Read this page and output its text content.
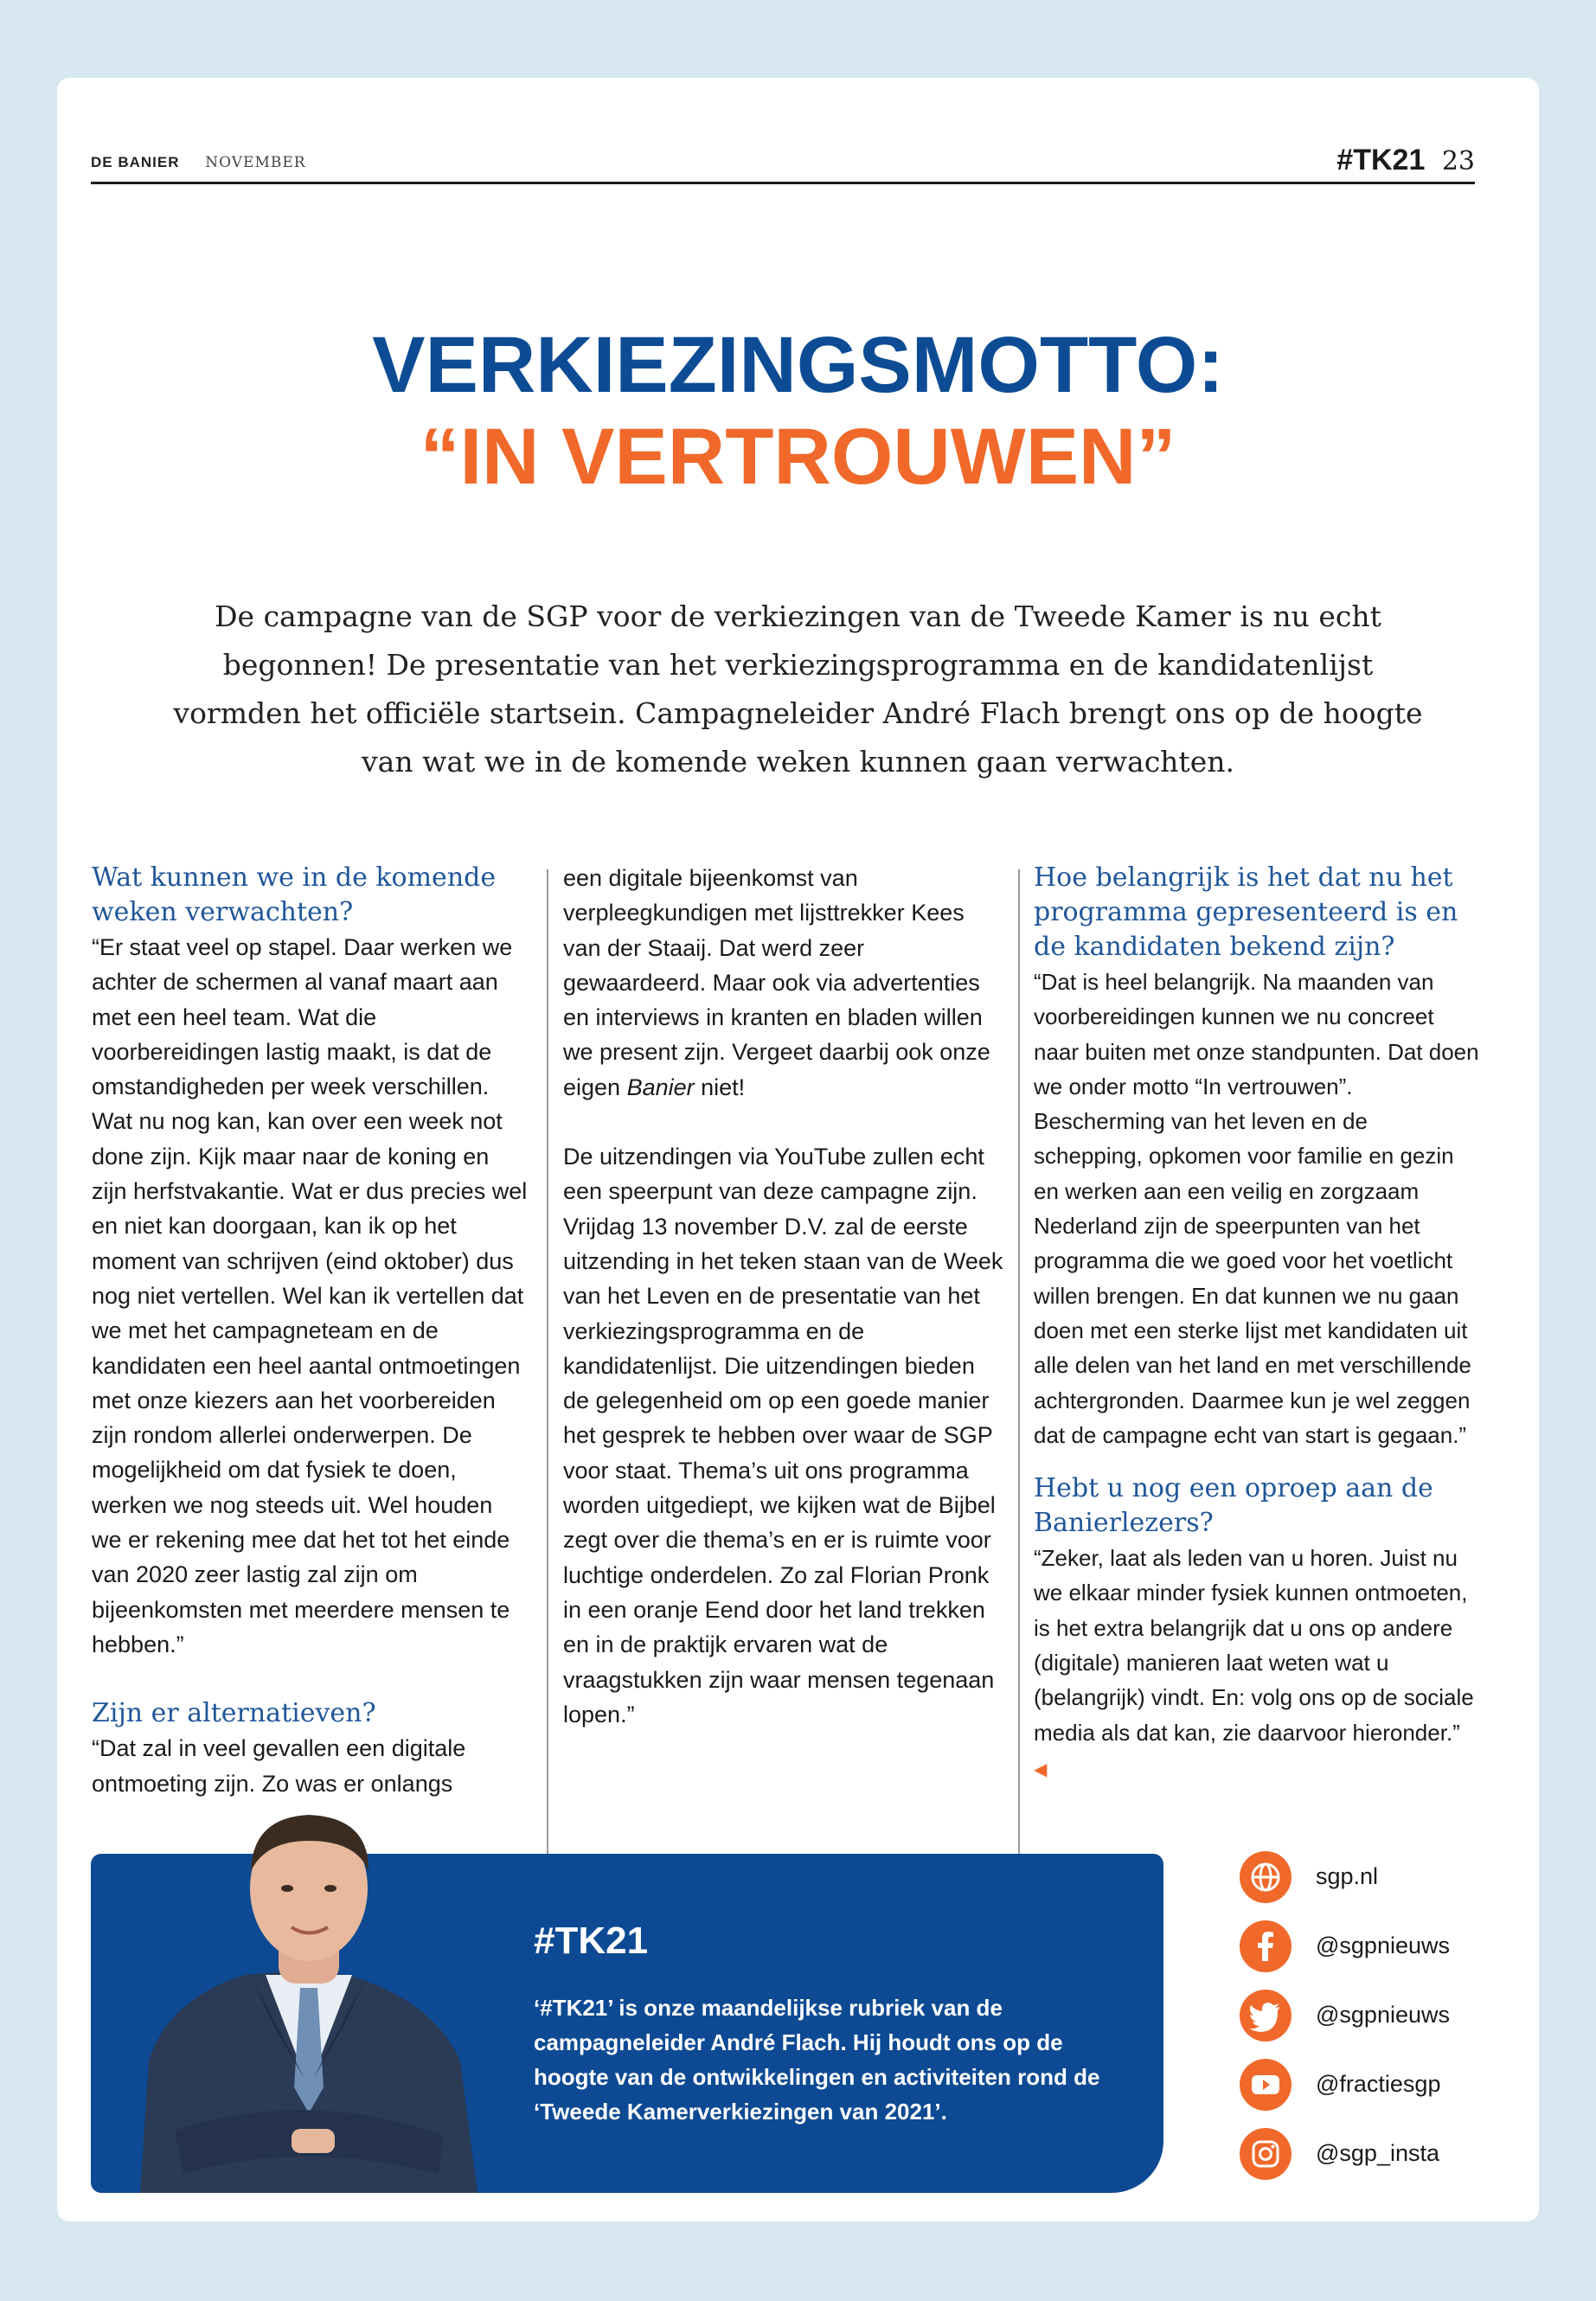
DE BANIER NOVEMBER	#TK21 23
VERKIEZINGSMOTTO:
“IN VERTROUWEN”

De campagne van de SGP voor de verkiezingen van de Tweede Kamer is nu echt begonnen! De presentatie van het verkiezingsprogramma en de kandidatenlijst vormden het officiële startsein. Campagneleider André Flach brengt ons op de hoogte van wat we in de komende weken kunnen gaan verwachten.

Wat kunnen we in de komende weken verwachten?

“Er staat veel op stapel. Daar werken we achter de schermen al vanaf maart aan met een heel team. Wat die voorbereidingen lastig maakt, is dat de omstandigheden per week verschillen. Wat nu nog kan, kan over een week not done zijn. Kijk maar naar de koning en zijn herfstvakantie. Wat er dus precies wel en niet kan doorgaan, kan ik op het moment van schrijven (eind oktober) dus nog niet vertellen. Wel kan ik vertellen dat we met het campagneteam en de kandidaten een heel aantal ontmoetingen met onze kiezers aan het voorbereiden zijn rondom allerlei onderwerpen. De mogelijkheid om dat fysiek te doen, werken we nog steeds uit. Wel houden we er rekening mee dat het tot het einde van 2020 zeer lastig zal zijn om bijeenkomsten met meerdere mensen te hebben.”

Zijn er alternatieven?

“Dat zal in veel gevallen een digitale ontmoeting zijn. Zo was er onlangs

een digitale bijeenkomst van verpleegkundigen met lijsttrekker Kees van der Staaij. Dat werd zeer gewaardeerd. Maar ook via advertenties en interviews in kranten en bladen willen we present zijn. Vergeet daarbij ook onze eigen Banier niet!

De uitzendingen via YouTube zullen echt een speerpunt van deze campagne zijn. Vrijdag 13 november D.V. zal de eerste uitzending in het teken staan van de Week van het Leven en de presentatie van het verkiezingsprogramma en de kandidatenlijst. Die uitzendingen bieden de gelegenheid om op een goede manier het gesprek te hebben over waar de SGP voor staat. Thema’s uit ons programma worden uitgediept, we kijken wat de Bijbel zegt over die thema’s en er is ruimte voor luchtige onderdelen. Zo zal Florian Pronk in een oranje Eend door het land trekken en in de praktijk ervaren wat de vraagstukken zijn waar mensen tegenaan lopen.”

Hoe belangrijk is het dat nu het programma gepresenteerd is en de kandidaten bekend zijn?

“Dat is heel belangrijk. Na maanden van voorbereidingen kunnen we nu concreet naar buiten met onze standpunten. Dat doen we onder motto “In vertrouwen”. Bescherming van het leven en de schepping, opkomen voor familie en gezin en werken aan een veilig en zorgzaam Nederland zijn de speerpunten van het programma die we goed voor het voetlicht willen brengen. En dat kunnen we nu gaan doen met een sterke lijst met kandidaten uit alle delen van het land en met verschillende achtergronden. Daarmee kun je wel zeggen dat de campagne echt van start is gegaan.”

Hebt u nog een oproep aan de Banierlezers?

“Zeker, laat als leden van u horen. Juist nu we elkaar minder fysiek kunnen ontmoeten, is het extra belangrijk dat u ons op andere (digitale) manieren laat weten wat u (belangrijk) vindt. En: volg ons op de sociale media als dat kan, zie daarvoor hieronder.” ◀

#TK21

‘#TK21’ is onze maandelijkse rubriek van de campagneleider André Flach. Hij houdt ons op de hoogte van de ontwikkelingen en activiteiten rond de ‘Tweede Kamerverkiezingen van 2021’.

sgp.nl
@sgpnieuws
@sgpnieuws
@fractiesgp
@sgp_insta
